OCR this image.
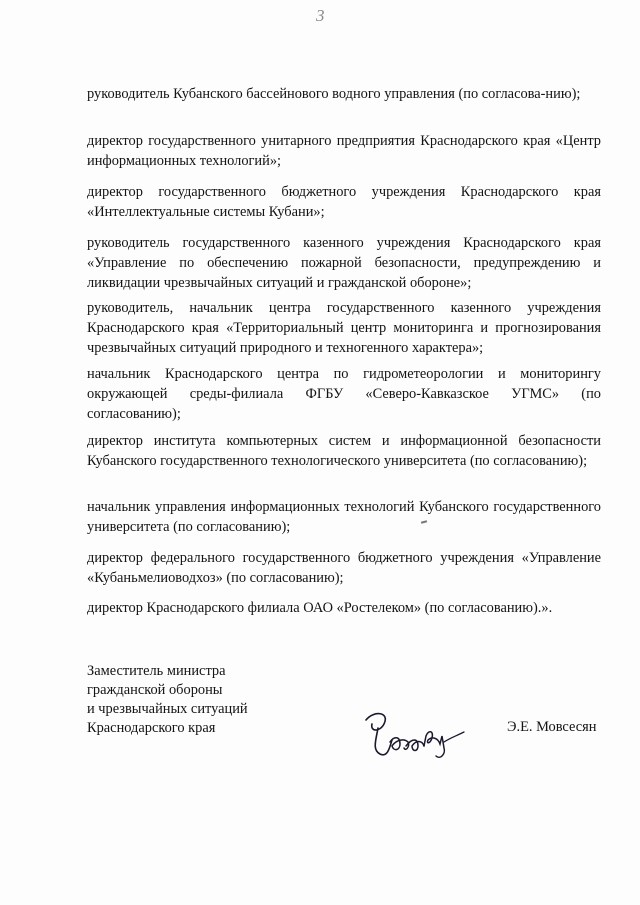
3

руководитель Кубанского бассейнового водного управления (по согласова-нию);

директор государственного унитарного предприятия Краснодарского края «Центр информационных технологий»;

директор государственного бюджетного учреждения Краснодарского края «Интеллектуальные системы Кубани»;

руководитель государственного казенного учреждения Краснодарского края «Управление по обеспечению пожарной безопасности, предупреждению и ликвидации чрезвычайных ситуаций и гражданской обороне»;

руководитель, начальник центра государственного казенного учреждения Краснодарского края «Территориальный центр мониторинга и прогнозирования чрезвычайных ситуаций природного и техногенного характера»;

начальник Краснодарского центра по гидрометеорологии и мониторингу окружающей среды-филиала ФГБУ «Северо-Кавказское УГМС» (по согласованию);

директор института компьютерных систем и информационной безопасности Кубанского государственного технологического университета (по согласованию);

начальник управления информационных технологий Кубанского государственного университета (по согласованию);

директор федерального государственного бюджетного учреждения «Управление «Кубаньмелиоводхоз» (по согласованию);

директор Краснодарского филиала ОАО «Ростелеком» (по согласованию).».

Заместитель министра
гражданской обороны
и чрезвычайных ситуаций
Краснодарского края	Э.Е. Мовсесян
